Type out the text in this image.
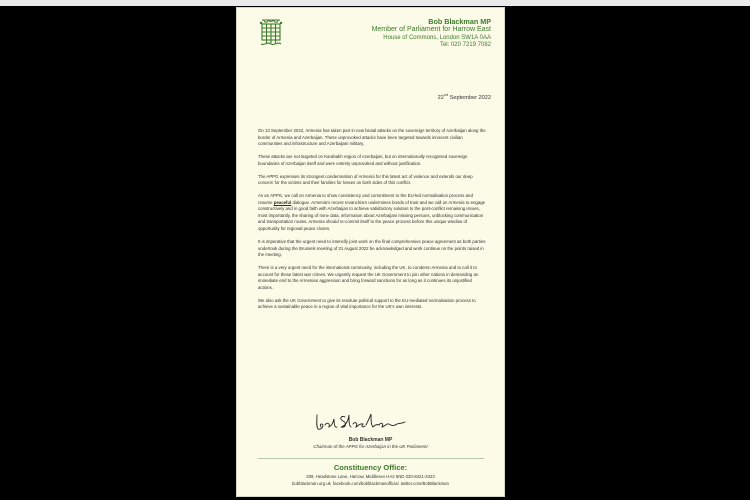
Bob Blackman MP
Member of Parliament for Harrow East
House of Commons, London SW1A 0AA
Tel: 020 7219 7082
22nd September 2022

On 13 September 2022, Armenia has taken part in new brutal attacks on the sovereign territory of Azerbaijan along the border of Armenia and Azerbaijan. These unprovoked attacks have been targeted towards innocent civilian communities and infrastructure and Azerbaijani military.

These attacks are not targeted on Karabakh region of Azerbaijan, but on internationally recognised sovereign boundaries of Azerbaijan itself and were entirely unprovoked and without justification.

The APPG expresses its strongest condemnation of Armenia for this latest act of violence and extends our deep concern for the victims and their families for losses on both sides of this conflict.

As an APPG, we call on Armenia to show consistency and commitment to the EU-led normalisation process and resume peaceful dialogue. Armenia's recent revanchism undermines bonds of trust and we call on Armenia to engage constructively and in good faith with Azerbaijan to achieve satisfactory solution to the post-conflict remaining issues, most importantly, the sharing of mine data, information about Azerbaijani missing persons, unblocking communication and transportation routes. Armenia should re-commit itself to the peace process before this unique window of opportunity for regional peace closes.

It is imperative that the urgent need to intensify joint work on the final comprehensive peace agreement as both parties undertook during the Brussels meeting of 31 August 2022 be acknowledged and work continue on the points raised in the meeting.

There is a very urgent need for the international community, including the UK, to condemn Armenia and to call it to account for these latest war crimes. We urgently request the UK Government to join other nations in demanding an immediate end to the Armenian aggression and bring forward sanctions for as long as it continues its unjustified actions.

We also ask the UK Government to give its resolute political support to the EU-mediated normalisation process to achieve a sustainable peace in a region of vital importance for the UK's own interests.

Bob Blackman MP
Chairman of the APPG for Azerbaijan in the UK Parliament
Constituency Office:
209, Headstone Lane, Harrow, Middlesex HA2 6ND 020-8421-3323
bobblackman.org.uk facebook.com/bobblackmanofficial twitter.com/BobBlackman
